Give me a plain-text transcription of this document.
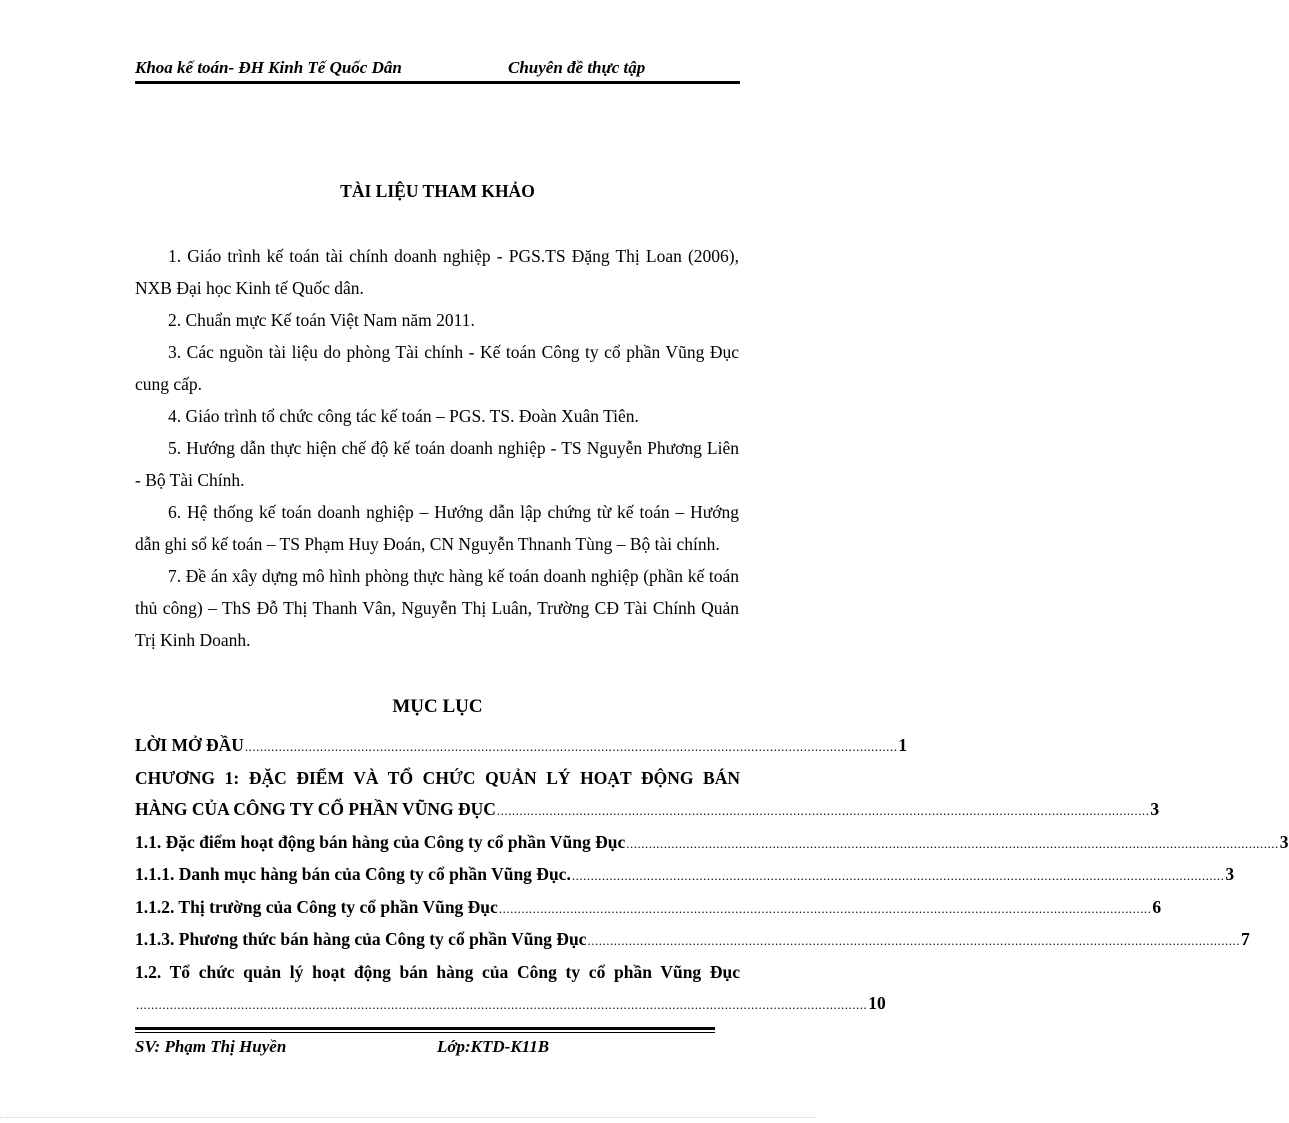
Khoa kế toán- ĐH Kinh Tế Quốc Dân	Chuyên đề thực tập
TÀI LIỆU THAM KHẢO

1. Giáo trình kế toán tài chính doanh nghiệp - PGS.TS Đặng Thị Loan (2006), NXB Đại học Kinh tế Quốc dân.

2. Chuẩn mực Kế toán Việt Nam năm 2011.

3. Các nguồn tài liệu do phòng Tài chính - Kế toán Công ty cổ phần Vũng Đục cung cấp.

4. Giáo trình tổ chức công tác kế toán – PGS. TS. Đoàn Xuân Tiên.

5. Hướng dẫn thực hiện chế độ kế toán doanh nghiệp - TS Nguyễn Phương Liên - Bộ Tài Chính.

6. Hệ thống kế toán doanh nghiệp – Hướng dẫn lập chứng từ kế toán – Hướng dẫn ghi sổ kế toán – TS Phạm Huy Đoán, CN Nguyễn Thnanh Tùng – Bộ tài chính.

7. Đề án xây dựng mô hình phòng thực hàng kế toán doanh nghiệp (phần kế toán thủ công) – ThS Đỗ Thị Thanh Vân, Nguyễn Thị Luân, Trường CĐ Tài Chính Quản Trị Kinh Doanh.

MỤC LỤC
LỜI MỞ ĐẦU .............................................................................................................................................................................. 1
CHƯƠNG 1: ĐẶC ĐIỂM VÀ TỔ CHỨC QUẢN LÝ HOẠT ĐỘNG BÁN
HÀNG CỦA CÔNG TY CỔ PHẦN VŨNG ĐỤC .............................................................................................................................................................................. 3
1.1. Đặc điểm hoạt động bán hàng của Công ty cổ phần Vũng Đục .............................................................................................................................................................................. 3
1.1.1. Danh mục hàng bán của Công ty cổ phần Vũng Đục. .............................................................................................................................................................................. 3
1.1.2. Thị trường của Công ty cổ phần Vũng Đục .............................................................................................................................................................................. 6
1.1.3. Phương thức bán hàng của Công ty cổ phần Vũng Đục .............................................................................................................................................................................. 7
1.2. Tổ chức quản lý hoạt động bán hàng của Công ty cổ phần Vũng Đục
................................................................................................................................................................................................... 10
SV: Phạm Thị Huyền	Lớp:KTD-K11B
